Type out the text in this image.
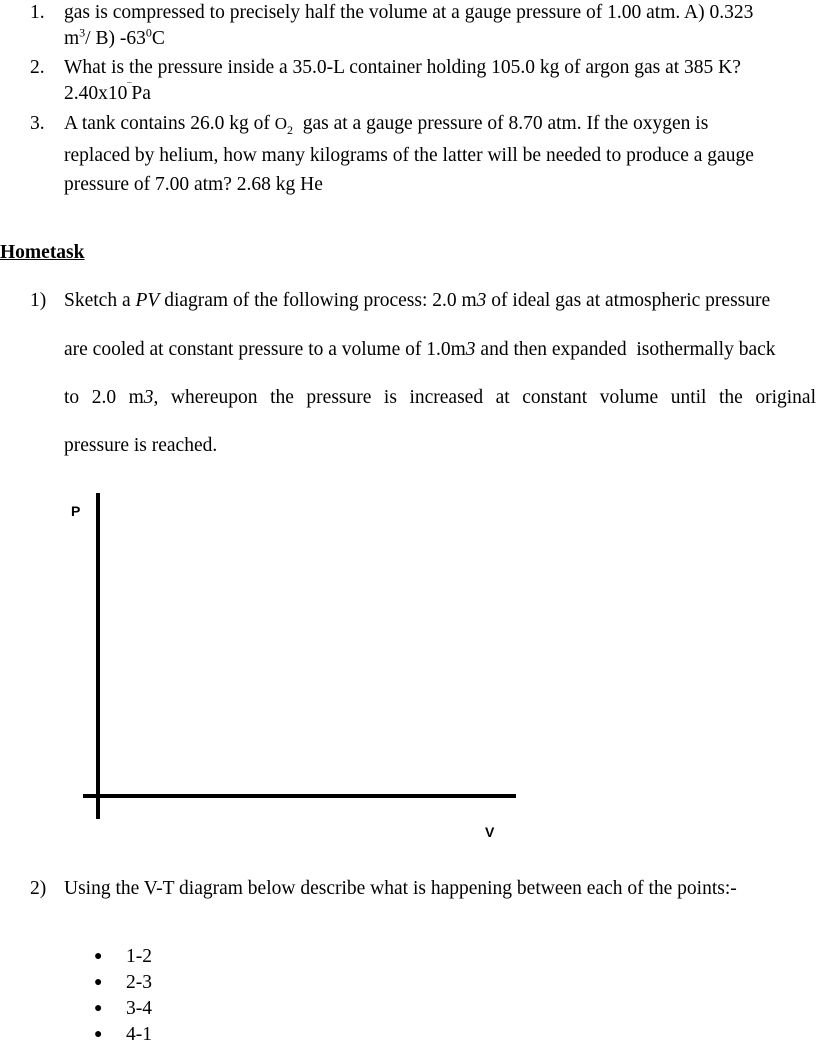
1. gas is compressed to precisely half the volume at a gauge pressure of 1.00 atm. A) 0.323
$m^3/$ B) $-63^0C$
2. What is the pressure inside a 35.0-L container holding 105.0 kg of argon gas at 385 K?
2.40x10‾Pa
3. A tank contains 26.0 kg of $O_2$  gas at a gauge pressure of 8.70 atm. If the oxygen is
replaced by helium, how many kilograms of the latter will be needed to produce a gauge
pressure of 7.00 atm? 2.68 kg He
Hometask
1) Sketch a PV diagram of the following process: 2.0 m3 of ideal gas at atmospheric pressure
are cooled at constant pressure to a volume of 1.0m3 and then expanded  isothermally back
to 2.0 m3, whereupon the pressure is increased at constant volume until the original
pressure is reached.
P
V
2) Using the V-T diagram below describe what is happening between each of the points:-
● 1-2
● 2-3
● 3-4
● 4-1
